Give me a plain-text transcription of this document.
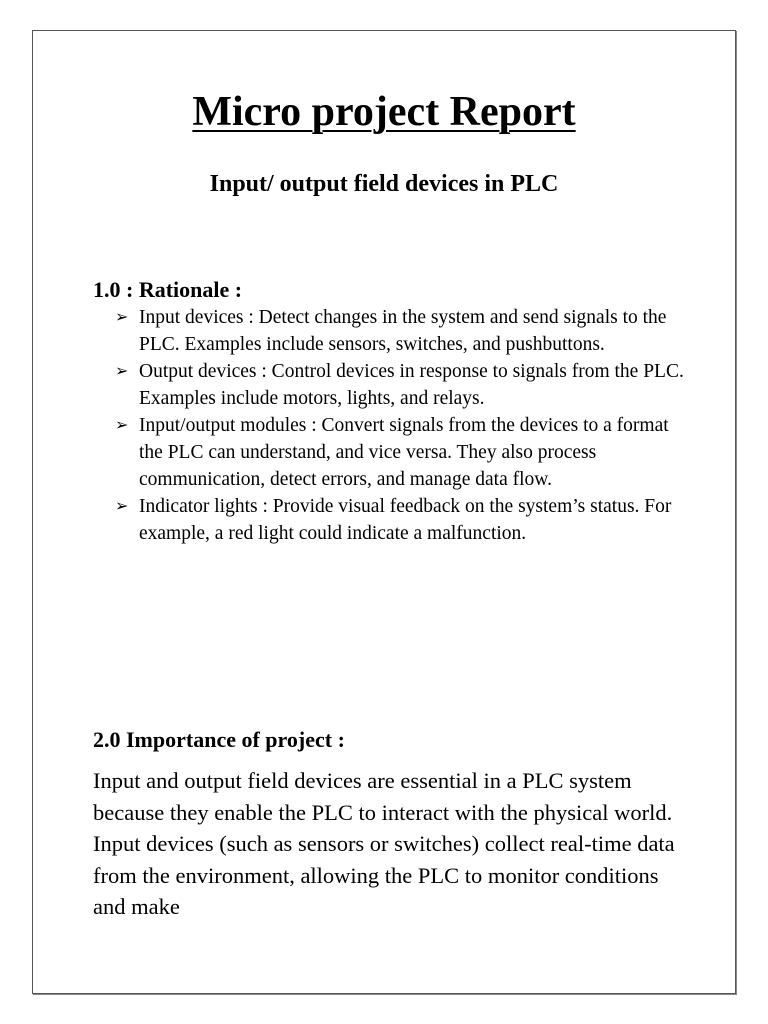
Micro project Report
Input/ output field devices in PLC
1.0 : Rationale :
➢ Input devices : Detect changes in the system and send signals to the PLC. Examples include sensors, switches, and pushbuttons.
➢ Output devices : Control devices in response to signals from the PLC. Examples include motors, lights, and relays.
➢ Input/output modules : Convert signals from the devices to a format the PLC can understand, and vice versa. They also process communication, detect errors, and manage data flow.
➢ Indicator lights : Provide visual feedback on the system’s status. For example, a red light could indicate a malfunction.
2.0 Importance of project :

Input and output field devices are essential in a PLC system because they enable the PLC to interact with the physical world. Input devices (such as sensors or switches) collect real-time data from the environment, allowing the PLC to monitor conditions and make
